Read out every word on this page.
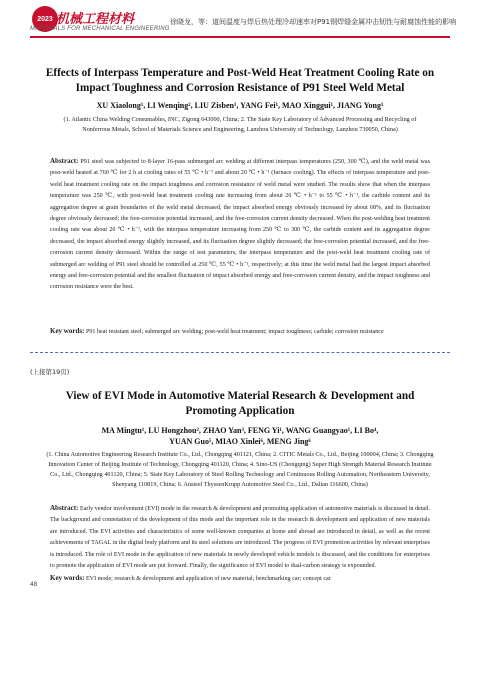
2023 机械工程材料
MATERIALS FOR MECHANICAL ENGINEERING
徐晓龙，等：道间温度与焊后热处理冷却速率对P91钢焊缝金属冲击韧性与耐腐蚀性能的影响
Effects of Interpass Temperature and Post-Weld Heat Treatment Cooling Rate on Impact Toughness and Corrosion Resistance of P91 Steel Weld Metal
XU Xiaolong¹, LI Wenqing², LIU Zisben¹, YANG Fei¹, MAO Xinggui¹, JIANG Yong¹
(1. Atlantic China Welding Consumables, INC, Zigong 643000, China; 2. The State Key Laboratory of Advanced Processing and Recycling of Nonferrous Metals, School of Materials Science and Engineering, Lanzhou University of Technology, Lanzhou 730050, China)
Abstract: P91 steel was subjected to 8-layer 16-pass submerged arc welding at different interpass temperatures (250, 300 ℃), and the weld metal was post-weld heated at 760 ℃ for 2 h at cooling rates of 55 ℃ • h⁻¹ and about 20 ℃ • h⁻¹ (furnace cooling). The effects of interpass temperature and post-weld heat treatment cooling rate on the impact toughness and corrosion resistance of weld metal were studied. The results show that when the interpass temperature was 250 ℃, with post-weld heat treatment cooling rate increasing from about 20 ℃ • h⁻¹ to 55 ℃ • h⁻¹, the carbide content and its aggregation degree at grain boundaries of the weld metal decreased, the impact absorbed energy obviously increased by about 68%, and its fluctuation degree obviously decreased; the free-corrosion potential increased, and the free-corrosion current density decreased. When the post-welding heat treatment cooling rate was about 20 ℃ • h⁻¹, with the interpass temperature increasing from 250 ℃ to 300 ℃, the carbide content and its aggregation degree decreased, the impact absorbed energy slightly increased, and its fluctuation degree slightly decreased; the free-corrosion potential increased, and the free-corrosion current density decreased. Within the range of test parameters, the interpass temperature and the post-weld heat treatment cooling rate of submerged arc welding of P91 steel should be controlled at 250 ℃, 55 ℃ • h⁻¹, respectively; at this time the weld metal had the largest impact absorbed energy and free-corrosion potential and the smallest fluctuation of impact absorbed energy and free-corrosion current density, and the impact toughness and corrosion resistance were the best.
Key words: P91 heat resistant steel; submerged arc welding; post-weld heat treatment; impact toughness; carbide; corrosion resistance
(上接第19页)
View of EVI Mode in Automotive Material Research & Development and Promoting Application
MA Mingtu¹, LU Hongzhou², ZHAO Yan³, FENG Yi¹, WANG Guangyao¹, LI Bo⁴,
YUAN Guo⁵, MIAO Xinlei⁶, MENG Jing⁶
(1. China Automotive Engineering Research Institute Co., Ltd., Chongqing 401121, China; 2. CITIC Metals Co., Ltd., Beijing 100004, China; 3. Chongqing Innovation Center of Beijing Institute of Technology, Chongqing 401120, China; 4. Sino-US (Chongqing) Super High Strength Material Research Institute Co., Ltd., Chongqing 401120, China; 5. State Key Laboratory of Steel Rolling Technology and Continuous Rolling Automation, Northeastern University, Shenyang 110819, China; 6. Ansteel ThyssenKrupp Automotive Steel Co., Ltd., Dalian 116600, China)
Abstract: Early vendor involvement (EVI) mode in the research & development and promoting application of automotive materials is discussed in detail. The background and connotation of the development of this mode and the important role in the research & development and application of new materials are introduced. The EVI activities and characteristics of some well-known companies at home and abroad are introduced in detail, as well as the recent achievements of TAGAL in the digital body platform and its steel solutions are introduced. The progress of EVI promotion activities by relevant enterprises is introduced. The role of EVI mode in the application of new materials in newly developed vehicle models is discussed, and the conditions for enterprises to promote the application of EVI mode are put forward. Finally, the significance of EVI model to dual-carbon strategy is expounded.
Key words: EVI mode; research & development and application of new material; benchmarking car; concept car
48
